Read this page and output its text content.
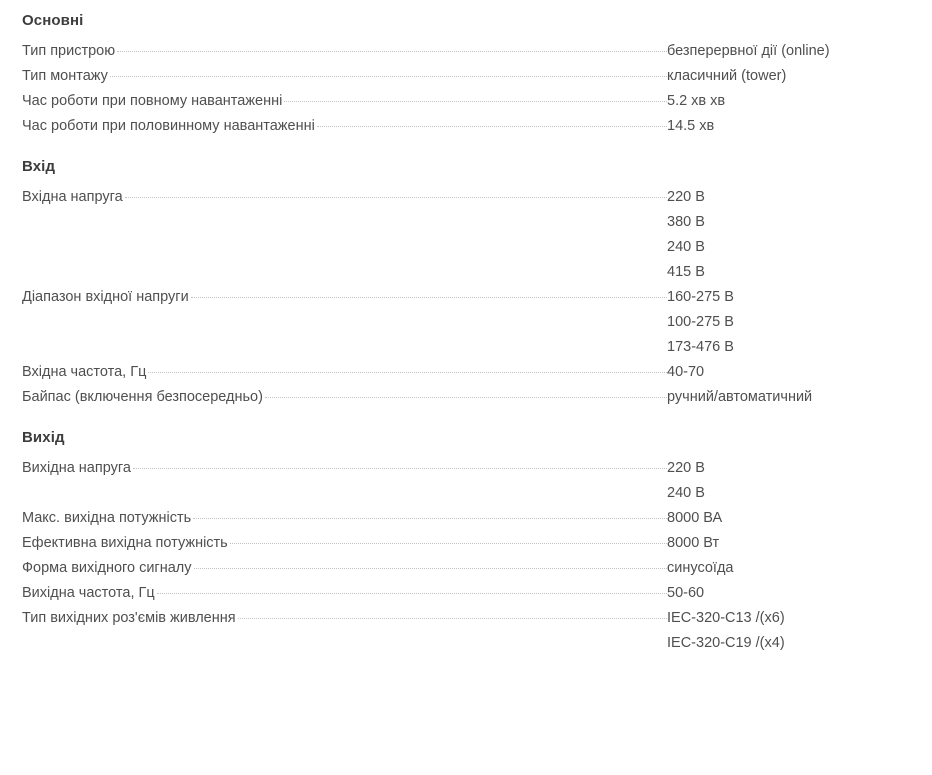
Основні
Тип пристрою	безперервної дії (online)
Тип монтажу	класичний (tower)
Час роботи при повному навантаженні	5.2 хв хв
Час роботи при половинному навантаженні	14.5 хв
Вхід
Вхідна напруга	220 В
380 В
240 В
415 В
Діапазон вхідної напруги	160-275 В
100-275 В
173-476 В
Вхідна частота, Гц	40-70
Байпас (включення безпосередньо)	ручний/автоматичний
Вихід
Вихідна напруга	220 В
240 В
Макс. вихідна потужність	8000 ВА
Ефективна вихідна потужність	8000 Вт
Форма вихідного сигналу	синусоїда
Вихідна частота, Гц	50-60
Тип вихідних роз'ємів живлення	IEC-320-C13 /(x6)
IEC-320-C19 /(x4)
